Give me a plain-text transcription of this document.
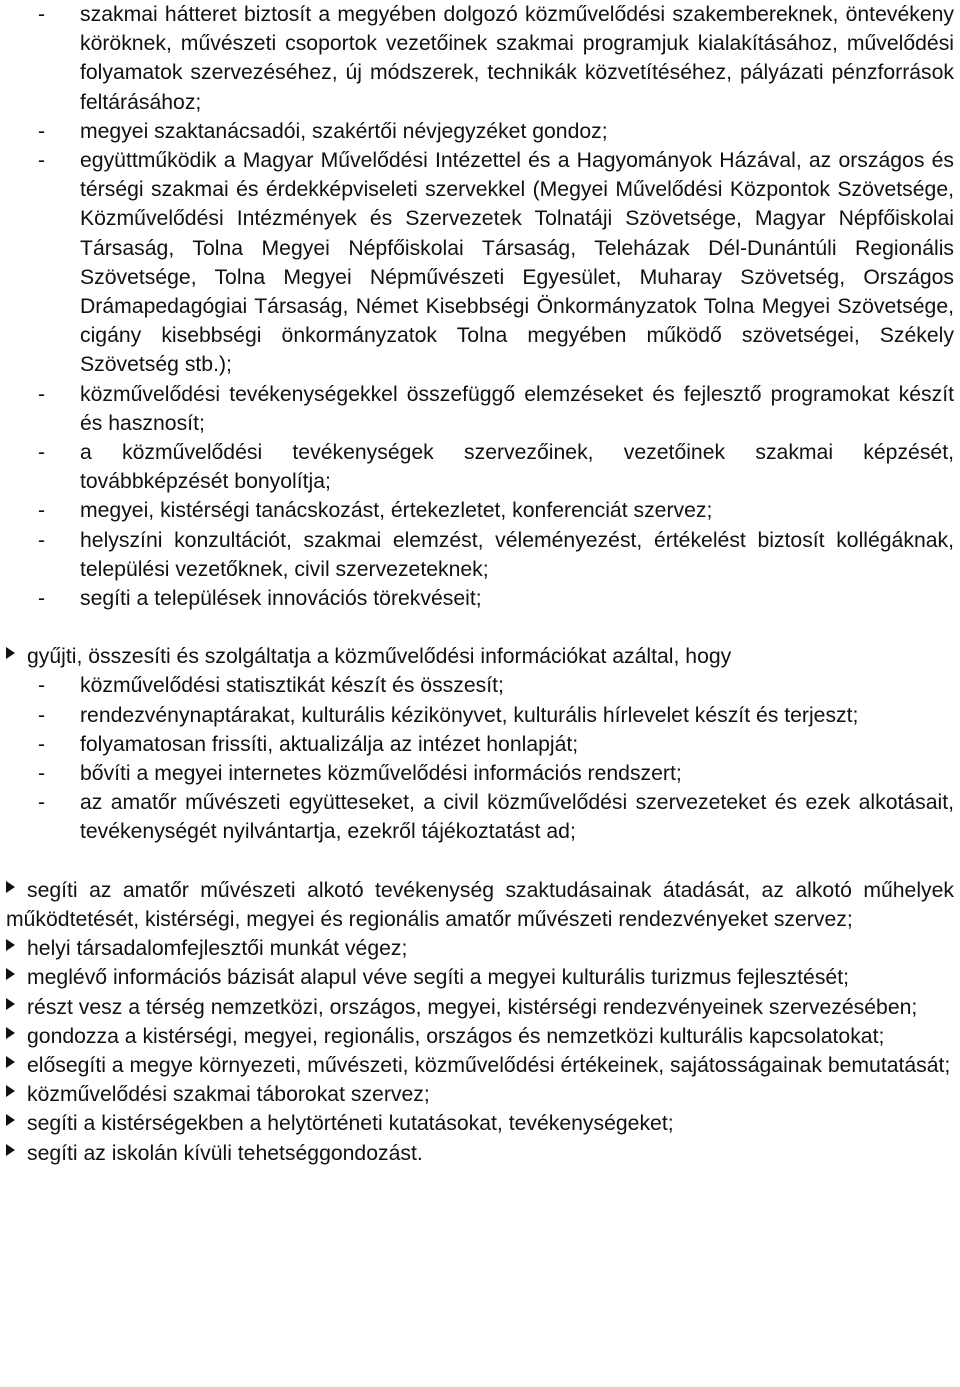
- szakmai hátteret biztosít a megyében dolgozó közművelődési szakembereknek, öntevékeny köröknek, művészeti csoportok vezetőinek szakmai programjuk kialakításához, művelődési folyamatok szervezéséhez, új módszerek, technikák közvetítéséhez, pályázati pénzforrások feltárásához;
- megyei szaktanácsadói, szakértői névjegyzéket gondoz;
- együttműködik a Magyar Művelődési Intézettel és a Hagyományok Házával, az országos és térségi szakmai és érdekképviseleti szervekkel (Megyei Művelődési Központok Szövetsége, Közművelődési Intézmények és Szervezetek Tolnatáji Szövetsége, Magyar Népfőiskolai Társaság, Tolna Megyei Népfőiskolai Társaság, Teleházak Dél-Dunántúli Regionális Szövetsége, Tolna Megyei Népművészeti Egyesület, Muharay Szövetség, Országos Drámapedagógiai Társaság, Német Kisebbségi Önkormányzatok Tolna Megyei Szövetsége, cigány kisebbségi önkormányzatok Tolna megyében működő szövetségei, Székely Szövetség stb.);
- közművelődési tevékenységekkel összefüggő elemzéseket és fejlesztő programokat készít és hasznosít;
- a közművelődési tevékenységek szervezőinek, vezetőinek szakmai képzését, továbbképzését bonyolítja;
- megyei, kistérségi tanácskozást, értekezletet, konferenciát szervez;
- helyszíni konzultációt, szakmai elemzést, véleményezést, értékelést biztosít kollégáknak, települési vezetőknek, civil szervezeteknek;
- segíti a települések innovációs törekvéseit;
gyűjti, összesíti és szolgáltatja a közművelődési információkat azáltal, hogy
- közművelődési statisztikát készít és összesít;
- rendezvénynaptárakat, kulturális kézikönyvet, kulturális hírlevelet készít és terjeszt;
- folyamatosan frissíti, aktualizálja az intézet honlapját;
- bővíti a megyei internetes közművelődési információs rendszert;
- az amatőr művészeti együtteseket, a civil közművelődési szervezeteket és ezek alkotásait, tevékenységét nyilvántartja, ezekről tájékoztatást ad;
segíti az amatőr művészeti alkotó tevékenység szaktudásainak átadását, az alkotó műhelyek működtetését, kistérségi, megyei és regionális amatőr művészeti rendezvényeket szervez;
helyi társadalomfejlesztői munkát végez;
meglévő információs bázisát alapul véve segíti a megyei kulturális turizmus fejlesztését;
részt vesz a térség nemzetközi, országos, megyei, kistérségi rendezvényeinek szervezésében;
gondozza a kistérségi, megyei, regionális, országos és nemzetközi kulturális kapcsolatokat;
elősegíti a megye környezeti, művészeti, közművelődési értékeinek, sajátosságainak bemutatását;
közművelődési szakmai táborokat szervez;
segíti a kistérségekben a helytörténeti kutatásokat, tevékenységeket;
segíti az iskolán kívüli tehetséggondozást.
